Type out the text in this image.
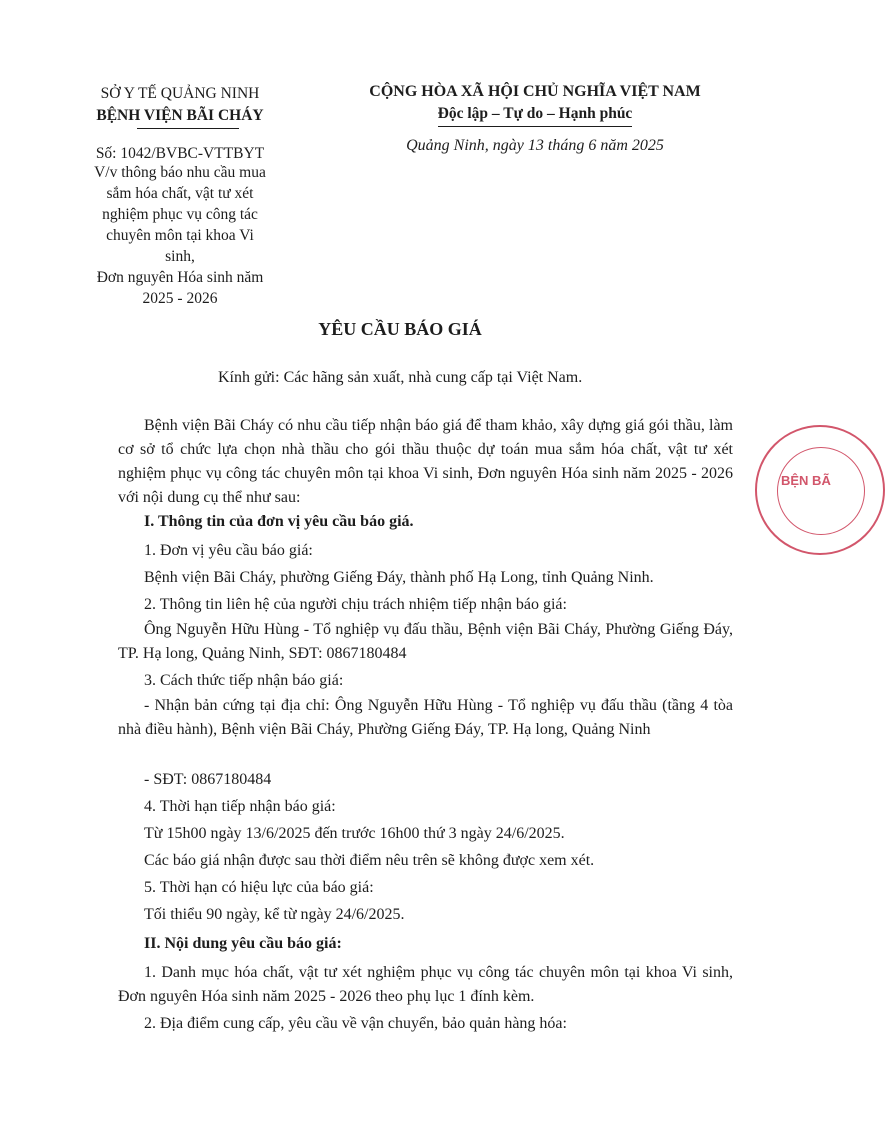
SỞ Y TẾ QUẢNG NINH
BỆNH VIỆN BÃI CHÁY
Số: 1042/BVBC-VTTBYT
V/v thông báo nhu cầu mua
sắm hóa chất, vật tư xét
nghiệm phục vụ công tác
chuyên môn tại khoa Vi sinh,
Đơn nguyên Hóa sinh năm
2025 - 2026
CỘNG HÒA XÃ HỘI CHỦ NGHĨA VIỆT NAM
Độc lập – Tự do – Hạnh phúc
Quảng Ninh, ngày 13 tháng 6 năm 2025
YÊU CẦU BÁO GIÁ
Kính gửi: Các hãng sản xuất, nhà cung cấp tại Việt Nam.
Bệnh viện Bãi Cháy có nhu cầu tiếp nhận báo giá để tham khảo, xây dựng giá gói thầu, làm cơ sở tổ chức lựa chọn nhà thầu cho gói thầu thuộc dự toán mua sắm hóa chất, vật tư xét nghiệm phục vụ công tác chuyên môn tại khoa Vi sinh, Đơn nguyên Hóa sinh năm 2025 - 2026 với nội dung cụ thể như sau:
I. Thông tin của đơn vị yêu cầu báo giá.
1. Đơn vị yêu cầu báo giá:
Bệnh viện Bãi Cháy, phường Giếng Đáy, thành phố Hạ Long, tỉnh Quảng Ninh.
2. Thông tin liên hệ của người chịu trách nhiệm tiếp nhận báo giá:
Ông Nguyễn Hữu Hùng - Tổ nghiệp vụ đấu thầu, Bệnh viện Bãi Cháy, Phường Giếng Đáy, TP. Hạ long, Quảng Ninh, SĐT: 0867180484
3. Cách thức tiếp nhận báo giá:
- Nhận bản cứng tại địa chỉ: Ông Nguyễn Hữu Hùng - Tổ nghiệp vụ đấu thầu (tầng 4 tòa nhà điều hành), Bệnh viện Bãi Cháy, Phường Giếng Đáy, TP. Hạ long, Quảng Ninh
- SĐT: 0867180484
4. Thời hạn tiếp nhận báo giá:
Từ 15h00 ngày 13/6/2025 đến trước 16h00 thứ 3 ngày 24/6/2025.
Các báo giá nhận được sau thời điểm nêu trên sẽ không được xem xét.
5. Thời hạn có hiệu lực của báo giá:
Tối thiểu 90 ngày, kể từ ngày 24/6/2025.
II. Nội dung yêu cầu báo giá:
1. Danh mục hóa chất, vật tư xét nghiệm phục vụ công tác chuyên môn tại khoa Vi sinh, Đơn nguyên Hóa sinh năm 2025 - 2026 theo phụ lục 1 đính kèm.
2. Địa điểm cung cấp, yêu cầu về vận chuyển, bảo quản hàng hóa:
BỆN BÃ
